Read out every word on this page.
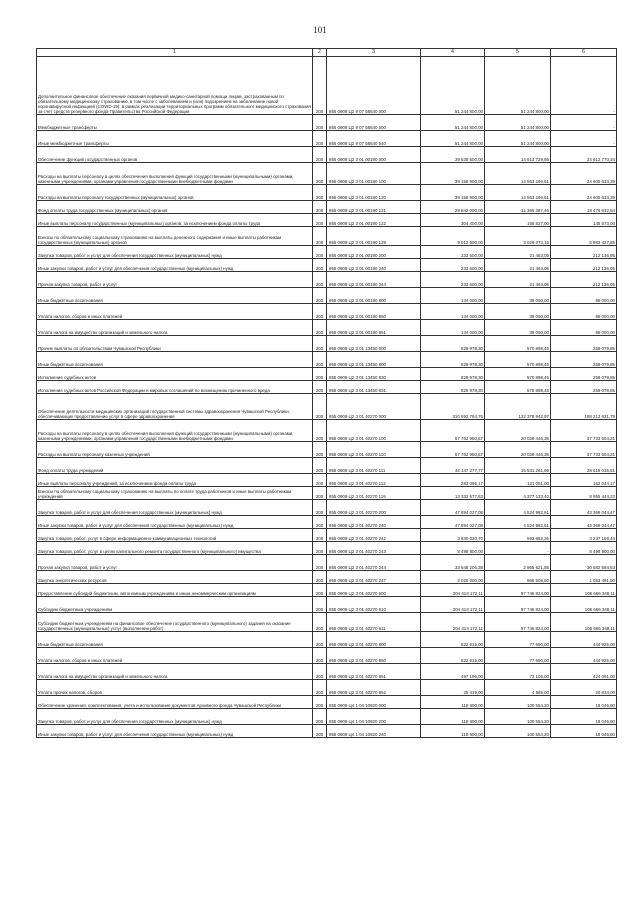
101
1	2	3	4	5	6
Дополнительное финансовое обеспечение оказания первичной медико-санитарной помощи лицам, застрахованным по обязательному медицинскому страхованию, в том числе с заболеванием и (или) подозрением на заболевание новой коронавирусной инфекцией (COVID-19), в рамках реализации территориальных программ обязательного медицинского страхования за счет средств резервного фонда Правительства Российской Федерации	200	855 0909 Ц2 8 07 58540 000	51 244 800,00	51 244 800,00	-
Межбюджетные трансферты	200	855 0909 Ц2 8 07 58540 500	51 244 800,00	51 244 800,00	-
Иные межбюджетные трансферты	200	855 0909 Ц2 8 07 58540 540	51 244 800,00	51 244 800,00	-
Обеспечение функций государственных органов	200	855 0909 Ц2 3 01 00190 000	39 538 500,00	14 613 729,66	24 912 770,34
Расходы на выплаты персоналу в целях обеспечения выполнения функций государственными (муниципальными) органами, казенными учреждениями, органами управления государственными внебюджетными фондами	200	855 0909 Ц2 3 01 00190 100	39 158 900,00	14 553 266,61	24 605 633,39
Расходы на выплаты персоналу государственных (муниципальных) органов	200	855 0909 Ц2 3 01 00190 120	39 158 900,00	14 553 266,61	24 605 633,39
Фонд оплаты труда государственных (муниципальных) органов	200	855 0909 Ц2 3 01 00190 121	29 842 000,00	11 365 387,46	18 476 632,54
Иные выплаты персоналу государственных (муниципальных) органов, за исключением фонда оплаты труда	200	855 0909 Ц2 3 01 00190 122	304 400,00	158 827,00	145 573,00
Взносы по обязательному социальному страхованию на выплаты денежного содержания и иные выплаты работникам государственных (муниципальных) органов	200	855 0909 Ц2 3 01 00190 129	9 012 500,00	3 029 072,15	5 983 427,85
Закупка товаров, работ и услуг для обеспечения государственных (муниципальных) нужд	200	855 0909 Ц2 3 01 00190 200	233 600,00	21 463,05	212 136,95
Иные закупки товаров, работ и услуг для обеспечения государственных (муниципальных) нужд	200	855 0909 Ц2 3 01 00190 240	233 600,00	21 463,05	212 136,95
Прочая закупка товаров, работ и услуг	200	855 0909 Ц2 3 01 00190 244	233 600,00	21 463,05	212 136,95
Иные бюджетные ассигнования	200	855 0909 Ц2 3 01 00190 800	134 000,00	39 000,00	95 000,00
Уплата налогов, сборов и иных платежей	200	855 0909 Ц2 3 01 00190 850	134 000,00	39 000,00	95 000,00
Уплата налога на имущество организаций и земельного налога	200	855 0909 Ц2 3 01 00190 851	134 000,00	39 000,00	95 000,00
Прочие выплаты по обязательствам Чувашской Республики	200	855 0909 Ц2 3 01 13450 000	829 978,30	570 898,45	259 079,85
Иные бюджетные ассигнования	200	855 0909 Ц2 3 01 13450 800	829 978,30	570 898,45	259 079,85
Исполнение судебных актов	200	855 0909 Ц2 3 01 13450 830	829 978,30	570 898,45	259 079,85
Исполнение судебных актов Российской Федерации и мировых соглашений по возмещению причиненного вреда	200	855 0909 Ц2 3 01 13450 831	829 978,30	570 898,45	259 079,85
Обеспечение деятельности медицинских организаций государственной системы здравоохранения Чувашской Республики, обеспечивающих предоставление услуг в сфере здравоохранения	200	855 0909 Ц2 3 01 40270 000	310 592 764,76	122 378 942,97	188 213 821,79
Расходы на выплаты персоналу в целях обеспечения выполнения функций государственными (муниципальными) органами, казенными учреждениями, органами управления государственными внебюджетными фондами	200	855 0909 Ц2 3 01 40270 100	57 762 950,57	20 029 446,36	37 733 504,21
Расходы на выплаты персоналу казенных учреждений	200	855 0909 Ц2 3 01 40270 110	57 762 950,57	20 029 446,36	37 733 504,21
Фонд оплаты труда учреждений	200	855 0909 Ц2 3 01 40270 111	44 147 277,77	15 531 261,96	28 616 015,81
Иные выплаты персоналу учреждений, за исключением фонда оплаты труда	200	855 0909 Ц2 3 01 40270 112	283 095,17	121 051,00	162 044,17
Взносы по обязательному социальному страхованию на выплаты по оплате труда работников и иные выплаты работникам учреждений	200	855 0909 Ц2 3 01 40270 119	13 332 577,63	4 377 133,40	8 955 444,23
Закупка товаров, работ и услуг для обеспечения государственных (муниципальных) нужд	200	855 0909 Ц2 3 01 40270 200	47 894 027,08	4 524 982,61	43 369 044,47
Иные закупки товаров, работ и услуг для обеспечения государственных (муниципальных) нужд	200	855 0909 Ц2 3 01 40270 240	47 894 027,08	4 524 982,61	43 369 044,47
Закупка товаров, работ, услуг в сфере информационно-коммуникационных технологий	200	855 0909 Ц2 3 01 40270 242	3 830 020,70	592 852,26	3 237 168,44
Закупка товаров, работ, услуг в целях капитального ремонта государственного (муниципального) имущества	200	855 0909 Ц2 3 01 40270 243	8 498 800,00	-	8 498 800,00
Прочая закупка товаров, работ и услуг	200	855 0909 Ц2 3 01 40270 244	33 548 206,38	2 965 621,85	30 582 584,53
Закупка энергетических ресурсов	200	855 0909 Ц2 3 01 40270 247	2 020 000,00	966 508,50	1 053 491,50
Предоставление субсидий бюджетным, автономным учреждениям и иным некоммерческим организациям	200	855 0909 Ц2 3 01 40270 600	204 413 172,11	97 746 824,00	106 666 348,11
Субсидии бюджетным учреждениям	200	855 0909 Ц2 3 01 40270 610	204 413 172,11	97 746 824,00	106 666 348,11
Субсидии бюджетным учреждениям на финансовое обеспечение государственного (муниципального) задания на оказание государственных (муниципальных) услуг (выполнение работ)	200	855 0909 Ц2 3 01 40270 611	204 413 172,11	97 746 824,00	106 666 348,11
Иные бюджетные ассигнования	200	855 0909 Ц2 3 01 40270 800	522 615,00	77 690,00	444 925,00
Уплата налогов, сборов и иных платежей	200	855 0909 Ц2 3 01 40270 850	522 615,00	77 690,00	444 925,00
Уплата налога на имущество организаций и земельного налога	200	855 0909 Ц2 3 01 40270 851	497 196,00	73 105,00	424 091,00
Уплата прочих налогов, сборов	200	855 0909 Ц2 3 01 40270 852	25 419,00	4 585,00	20 834,00
Обеспечение хранения, комплектования, учета и использования документов Архивного фонда Чувашской Республики	200	855 0909 Ц4 1 04 10920 000	118 600,00	100 554,20	18 045,80
Закупка товаров, работ и услуг для обеспечения государственных (муниципальных) нужд	200	855 0909 Ц4 1 04 10920 200	118 600,00	100 554,20	18 045,80
Иные закупки товаров, работ и услуг для обеспечения государственных (муниципальных) нужд	200	855 0909 Ц4 1 04 10920 240	118 600,00	100 554,20	18 045,80
